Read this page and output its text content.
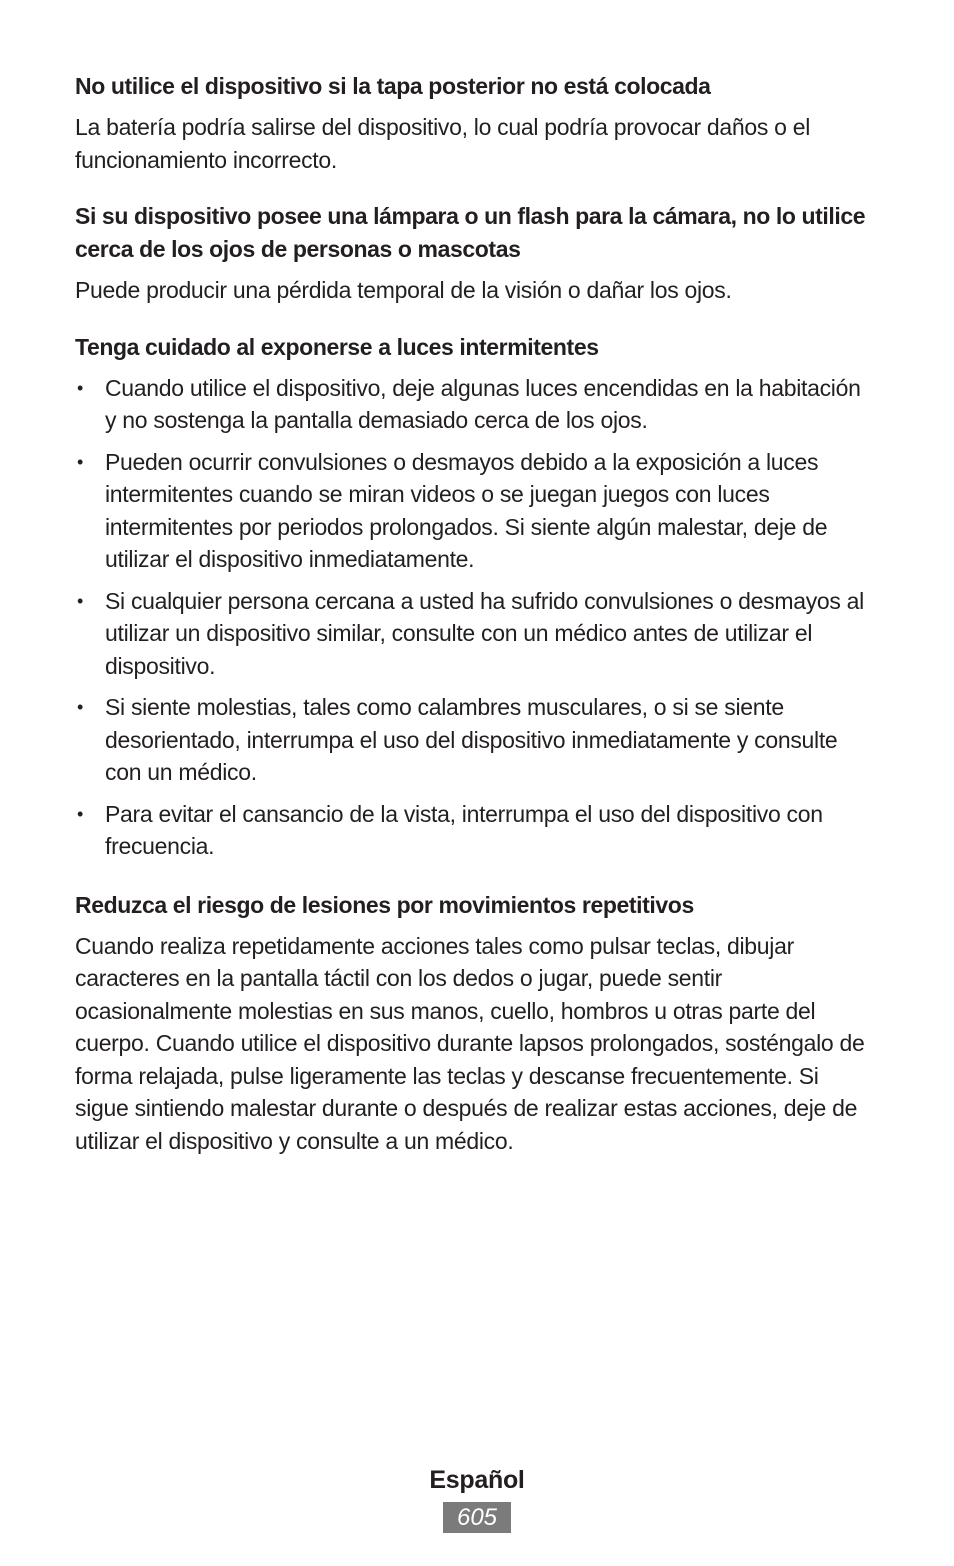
No utilice el dispositivo si la tapa posterior no está colocada

La batería podría salirse del dispositivo, lo cual podría provocar daños o el funcionamiento incorrecto.

Si su dispositivo posee una lámpara o un flash para la cámara, no lo utilice cerca de los ojos de personas o mascotas

Puede producir una pérdida temporal de la visión o dañar los ojos.

Tenga cuidado al exponerse a luces intermitentes
• Cuando utilice el dispositivo, deje algunas luces encendidas en la habitación y no sostenga la pantalla demasiado cerca de los ojos.
• Pueden ocurrir convulsiones o desmayos debido a la exposición a luces intermitentes cuando se miran videos o se juegan juegos con luces intermitentes por periodos prolongados. Si siente algún malestar, deje de utilizar el dispositivo inmediatamente.
• Si cualquier persona cercana a usted ha sufrido convulsiones o desmayos al utilizar un dispositivo similar, consulte con un médico antes de utilizar el dispositivo.
• Si siente molestias, tales como calambres musculares, o si se siente desorientado, interrumpa el uso del dispositivo inmediatamente y consulte con un médico.
• Para evitar el cansancio de la vista, interrumpa el uso del dispositivo con frecuencia.
Reduzca el riesgo de lesiones por movimientos repetitivos

Cuando realiza repetidamente acciones tales como pulsar teclas, dibujar caracteres en la pantalla táctil con los dedos o jugar, puede sentir ocasionalmente molestias en sus manos, cuello, hombros u otras parte del cuerpo. Cuando utilice el dispositivo durante lapsos prolongados, sosténgalo de forma relajada, pulse ligeramente las teclas y descanse frecuentemente. Si sigue sintiendo malestar durante o después de realizar estas acciones, deje de utilizar el dispositivo y consulte a un médico.

Español
605
